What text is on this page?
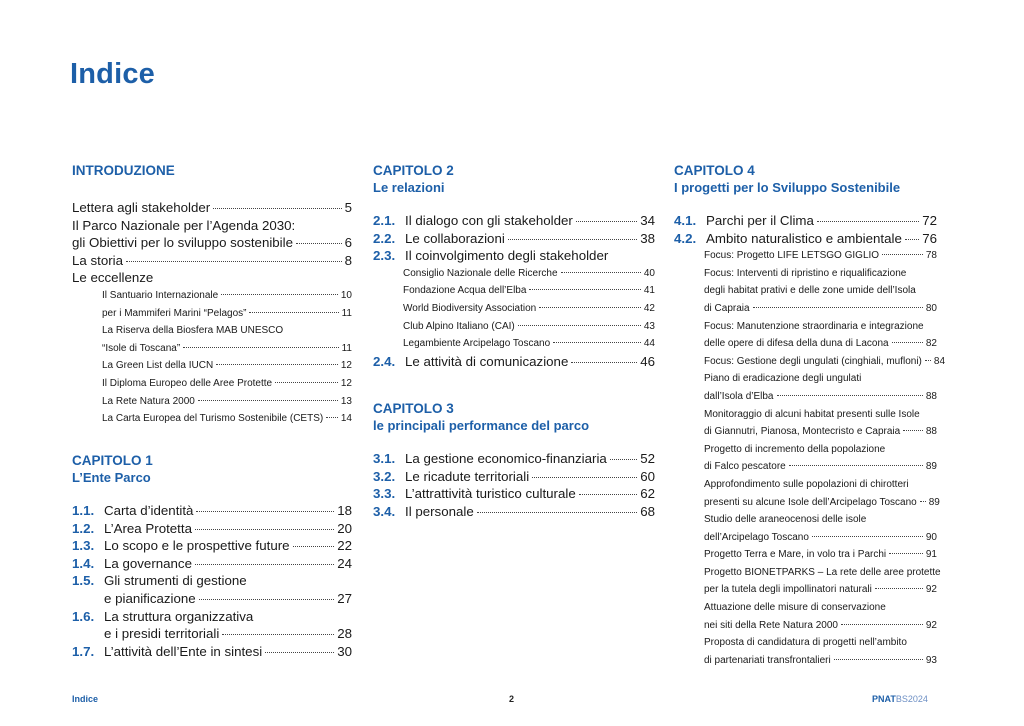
Indice

INTRODUZIONE

Lettera agli stakeholder	5
Il Parco Nazionale per l’Agenda 2030:
gli Obiettivi per lo sviluppo sostenibile	6
La storia	8
Le eccellenze
Il Santuario Internazionale	10
per i Mammiferi Marini “Pelagos”	11
La Riserva della Biosfera MAB UNESCO
“Isole di Toscana”	11
La Green List della IUCN	12
Il Diploma Europeo delle Aree Protette	12
La Rete Natura 2000	13
La Carta Europea del Turismo Sostenibile (CETS) 14

CAPITOLO 1

L’Ente Parco

1.1. Carta d’identità	18
1.2. L’Area Protetta	20
1.3. Lo scopo e le prospettive future	22
1.4. La governance	24
1.5. Gli strumenti di gestione
e pianificazione	27
1.6. La struttura organizzativa
e i presidi territoriali	28
1.7. L’attività dell’Ente in sintesi	30

CAPITOLO 2

Le relazioni

2.1. Il dialogo con gli stakeholder	34
2.2. Le collaborazioni	38
2.3. Il coinvolgimento degli stakeholder
Consiglio Nazionale delle Ricerche	40
Fondazione Acqua dell’Elba	41
World Biodiversity Association	42
Club Alpino Italiano (CAI)	43
Legambiente Arcipelago Toscano	44
2.4. Le attività di comunicazione	46

CAPITOLO 3

le principali performance del parco

3.1. La gestione economico-finanziaria	52
3.2. Le ricadute territoriali	60
3.3. L’attrattività turistico culturale	62
3.4. Il personale	68

CAPITOLO 4

I progetti per lo Sviluppo Sostenibile

4.1. Parchi per il Clima	72
4.2. Ambito naturalistico e ambientale 76
Focus: Progetto LIFE LETSGO GIGLIO	78
Focus: Interventi di ripristino e riqualificazione
degli habitat prativi e delle zone umide dell’Isola
di Capraia	80
Focus: Manutenzione straordinaria e integrazione
delle opere di difesa della duna di Lacona	82
Focus: Gestione degli ungulati (cinghiali, mufloni) 84
Piano di eradicazione degli ungulati
dall’Isola d’Elba	88
Monitoraggio di alcuni habitat presenti sulle Isole
di Giannutri, Pianosa, Montecristo e Capraia	88
Progetto di incremento della popolazione
di Falco pescatore	89
Approfondimento sulle popolazioni di chirotteri
presenti su alcune Isole dell’Arcipelago Toscano 89
Studio delle araneocenosi delle isole
dell’Arcipelago Toscano	90
Progetto Terra e Mare, in volo tra i Parchi	91
Progetto BIONETPARKS – La rete delle aree protette
per la tutela degli impollinatori naturali	92
Attuazione delle misure di conservazione
nei siti della Rete Natura 2000	92
Proposta di candidatura di progetti nell’ambito
di partenariati transfrontalieri	93
Indice	2	PNATBS2024
